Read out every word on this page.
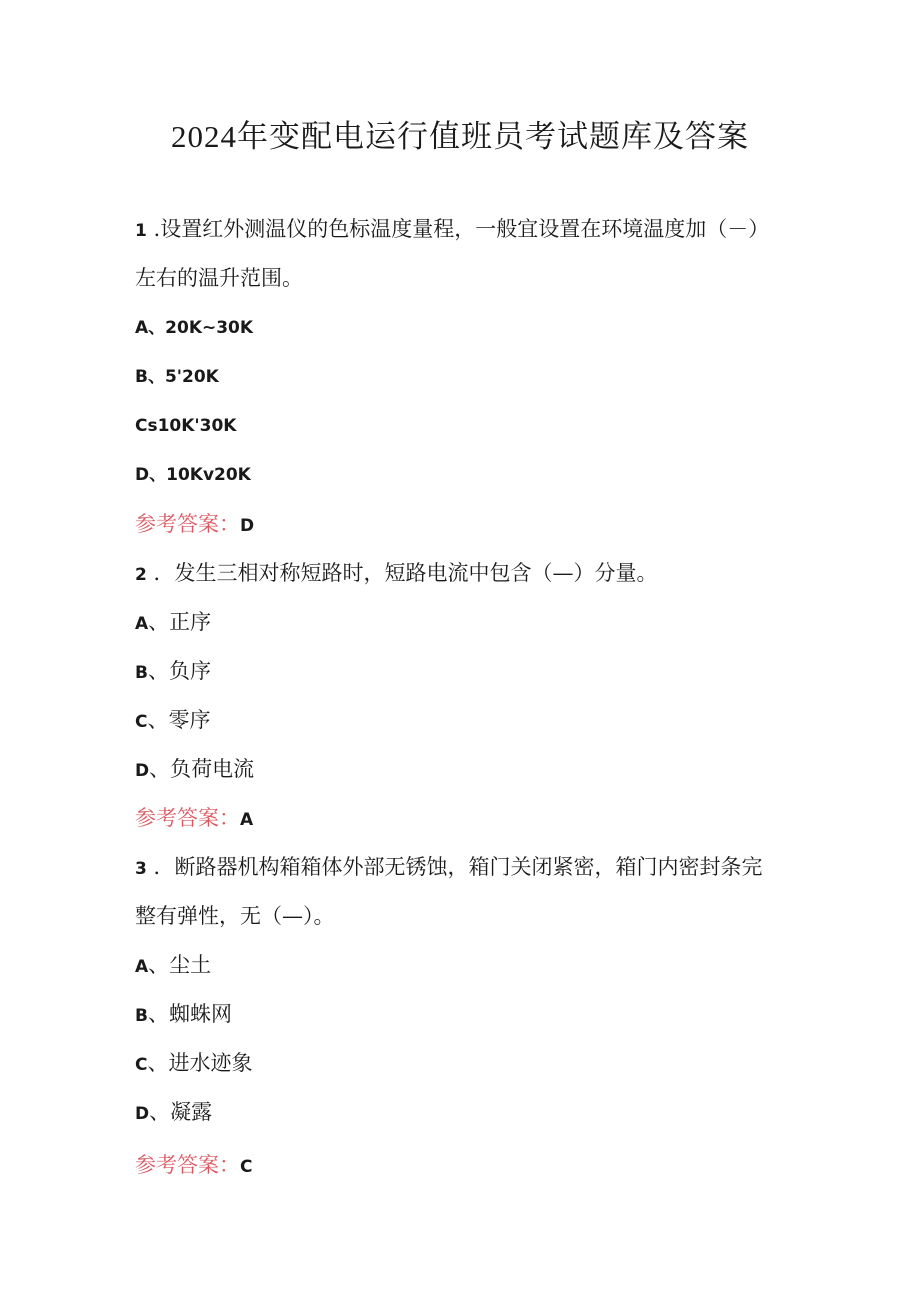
2024年变配电运行值班员考试题库及答案
1 .设置红外测温仪的色标温度量程，一般宜设置在环境温度加（－）
左右的温升范围。
A、20K~30K
B、5'20K
Cs10K'30K
D、10Kv20K
参考答案：D
2 ．发生三相对称短路时，短路电流中包含（—）分量。
A、正序
B、负序
C、零序
D、负荷电流
参考答案：A
3 ．断路器机构箱箱体外部无锈蚀，箱门关闭紧密，箱门内密封条完
整有弹性，无（—）。
A、尘土
B、蜘蛛网
C、进水迹象
D、凝露
参考答案：C
